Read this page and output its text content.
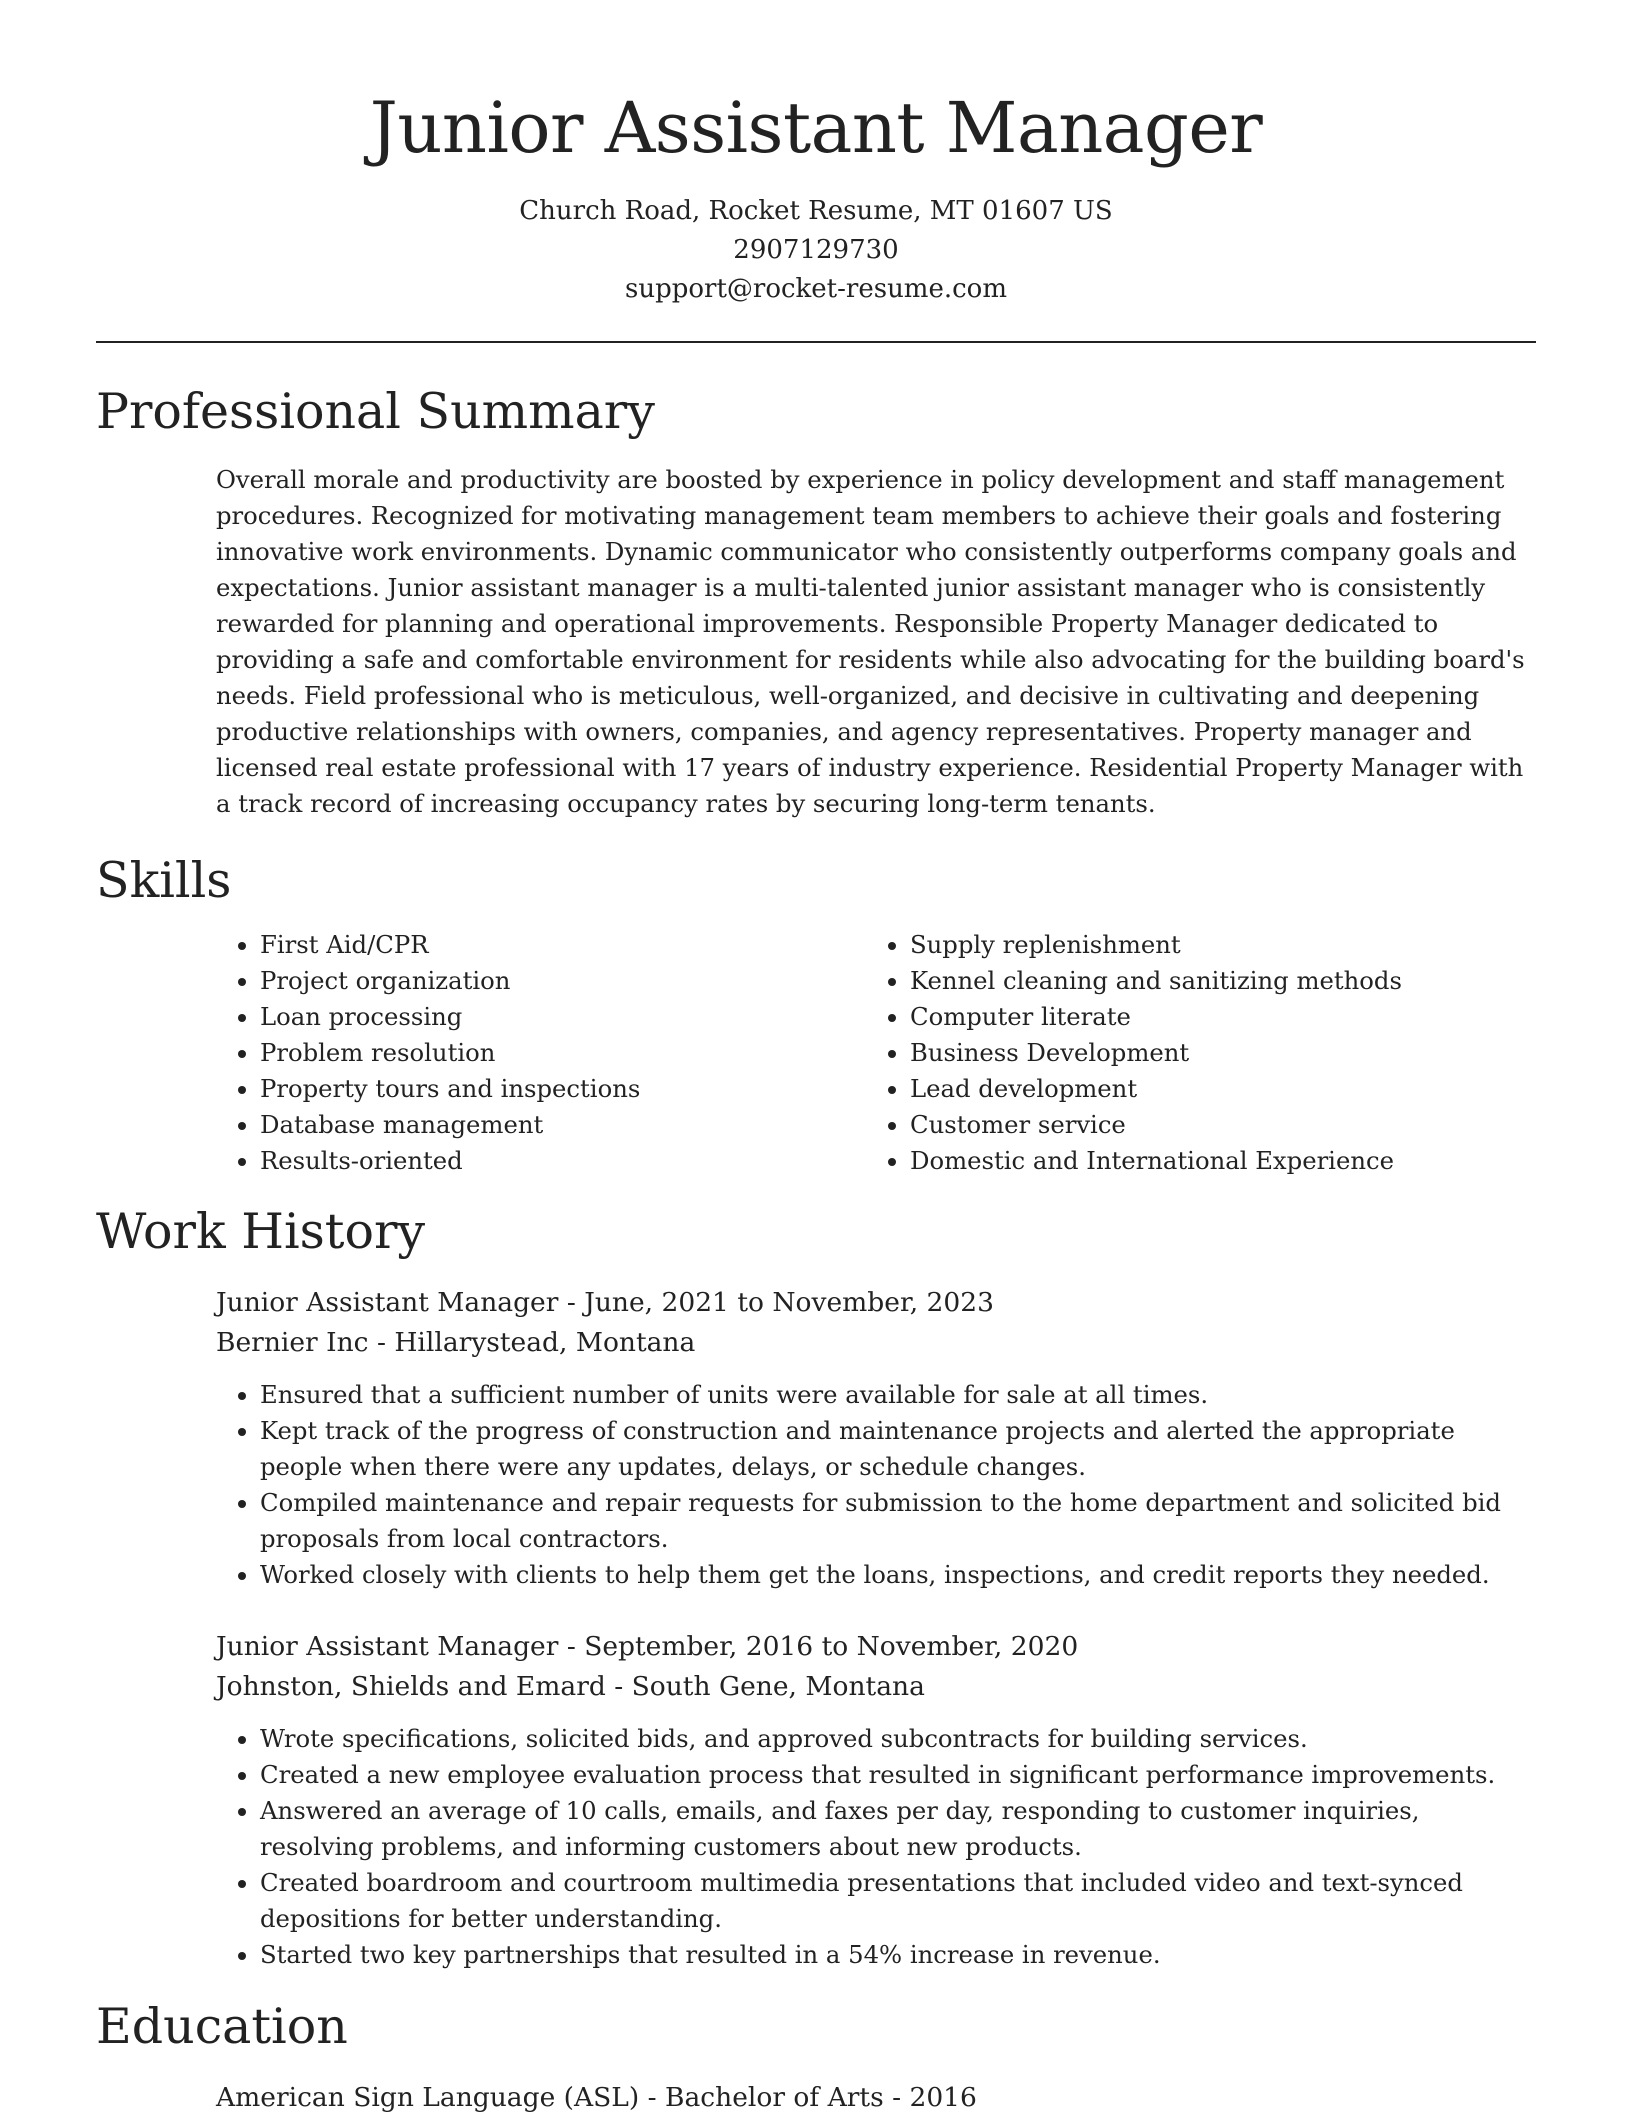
Junior Assistant Manager
Church Road, Rocket Resume, MT 01607 US
2907129730
support@rocket-resume.com
Professional Summary
Overall morale and productivity are boosted by experience in policy development and staff management procedures. Recognized for motivating management team members to achieve their goals and fostering innovative work environments. Dynamic communicator who consistently outperforms company goals and expectations. Junior assistant manager is a multi-talented junior assistant manager who is consistently rewarded for planning and operational improvements. Responsible Property Manager dedicated to providing a safe and comfortable environment for residents while also advocating for the building board's needs. Field professional who is meticulous, well-organized, and decisive in cultivating and deepening productive relationships with owners, companies, and agency representatives. Property manager and licensed real estate professional with 17 years of industry experience. Residential Property Manager with a track record of increasing occupancy rates by securing long-term tenants.
Skills
• First Aid/CPR
• Project organization
• Loan processing
• Problem resolution
• Property tours and inspections
• Database management
• Results-oriented
• Supply replenishment
• Kennel cleaning and sanitizing methods
• Computer literate
• Business Development
• Lead development
• Customer service
• Domestic and International Experience
Work History
Junior Assistant Manager - June, 2021 to November, 2023
Bernier Inc - Hillarystead, Montana
• Ensured that a sufficient number of units were available for sale at all times.
• Kept track of the progress of construction and maintenance projects and alerted the appropriate people when there were any updates, delays, or schedule changes.
• Compiled maintenance and repair requests for submission to the home department and solicited bid proposals from local contractors.
• Worked closely with clients to help them get the loans, inspections, and credit reports they needed.
Junior Assistant Manager - September, 2016 to November, 2020
Johnston, Shields and Emard - South Gene, Montana
• Wrote specifications, solicited bids, and approved subcontracts for building services.
• Created a new employee evaluation process that resulted in significant performance improvements.
• Answered an average of 10 calls, emails, and faxes per day, responding to customer inquiries, resolving problems, and informing customers about new products.
• Created boardroom and courtroom multimedia presentations that included video and text-synced depositions for better understanding.
• Started two key partnerships that resulted in a 54% increase in revenue.
Education
American Sign Language (ASL) - Bachelor of Arts - 2016
